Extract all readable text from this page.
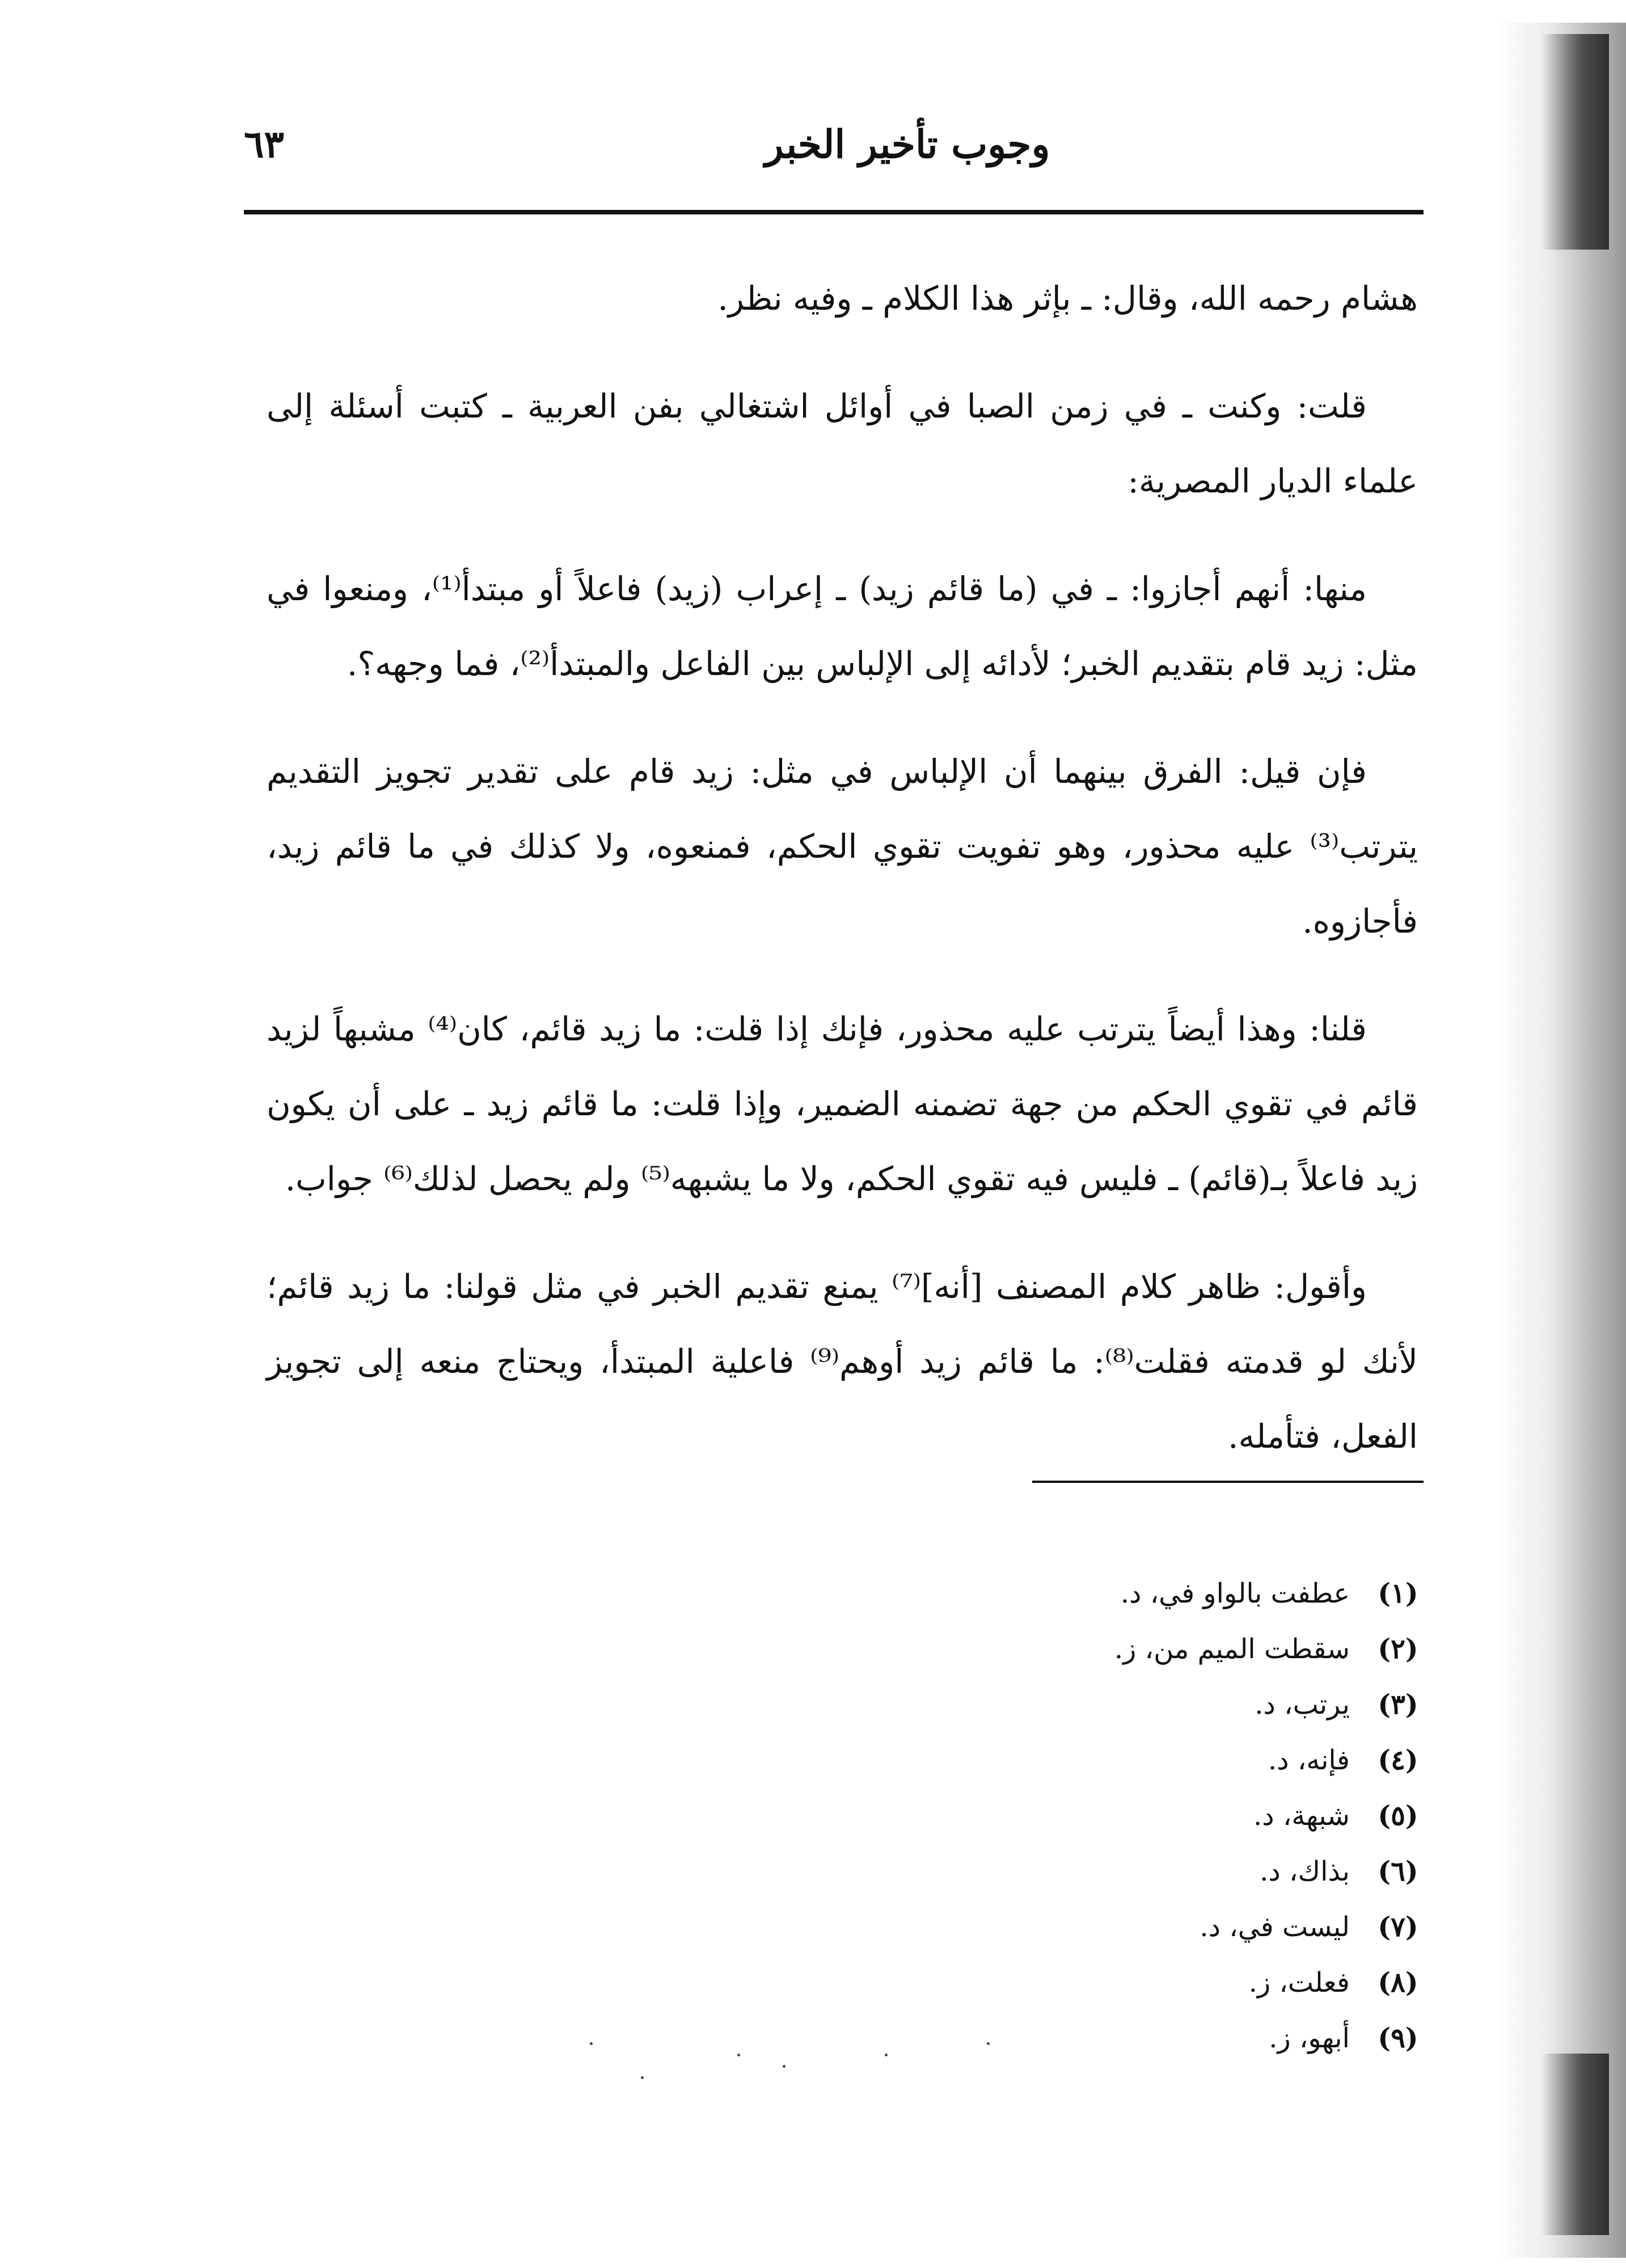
٦٣	وجوب تأخير الخبر

هشام رحمه الله، وقال: ـ بإثر هذا الكلام ـ وفيه نظر.

قلت: وكنت ـ في زمن الصبا في أوائل اشتغالي بفن العربية ـ كتبت أسئلة إلى علماء الديار المصرية:

منها: أنهم أجازوا: ـ في (ما قائم زيد) ـ إعراب (زيد) فاعلاً أو مبتدأ⁽¹⁾، ومنعوا في مثل: زيد قام بتقديم الخبر؛ لأدائه إلى الإلباس بين الفاعل والمبتدأ⁽²⁾، فما وجهه؟.

فإن قيل: الفرق بينهما أن الإلباس في مثل: زيد قام على تقدير تجويز التقديم يترتب⁽³⁾ عليه محذور، وهو تفويت تقوي الحكم، فمنعوه، ولا كذلك في ما قائم زيد، فأجازوه.

قلنا: وهذا أيضاً يترتب عليه محذور، فإنك إذا قلت: ما زيد قائم، كان⁽⁴⁾ مشبهاً لزيد قائم في تقوي الحكم من جهة تضمنه الضمير، وإذا قلت: ما قائم زيد ـ على أن يكون زيد فاعلاً بـ(قائم) ـ فليس فيه تقوي الحكم، ولا ما يشبهه⁽⁵⁾ ولم يحصل لذلك⁽⁶⁾ جواب.

وأقول: ظاهر كلام المصنف [أنه]⁽⁷⁾ يمنع تقديم الخبر في مثل قولنا: ما زيد قائم؛ لأنك لو قدمته فقلت⁽⁸⁾: ما قائم زيد أوهم⁽⁹⁾ فاعلية المبتدأ، ويحتاج منعه إلى تجويز الفعل، فتأمله.

(١)
عطفت بالواو في، د.
(٢)
سقطت الميم من، ز.
(٣)
يرتب، د.
(٤)
فإنه، د.
(٥)
شبهة، د.
(٦)
بذاك، د.
(٧)
ليست في، د.
(٨)
فعلت، ز.
(٩)
أبهو، ز.
